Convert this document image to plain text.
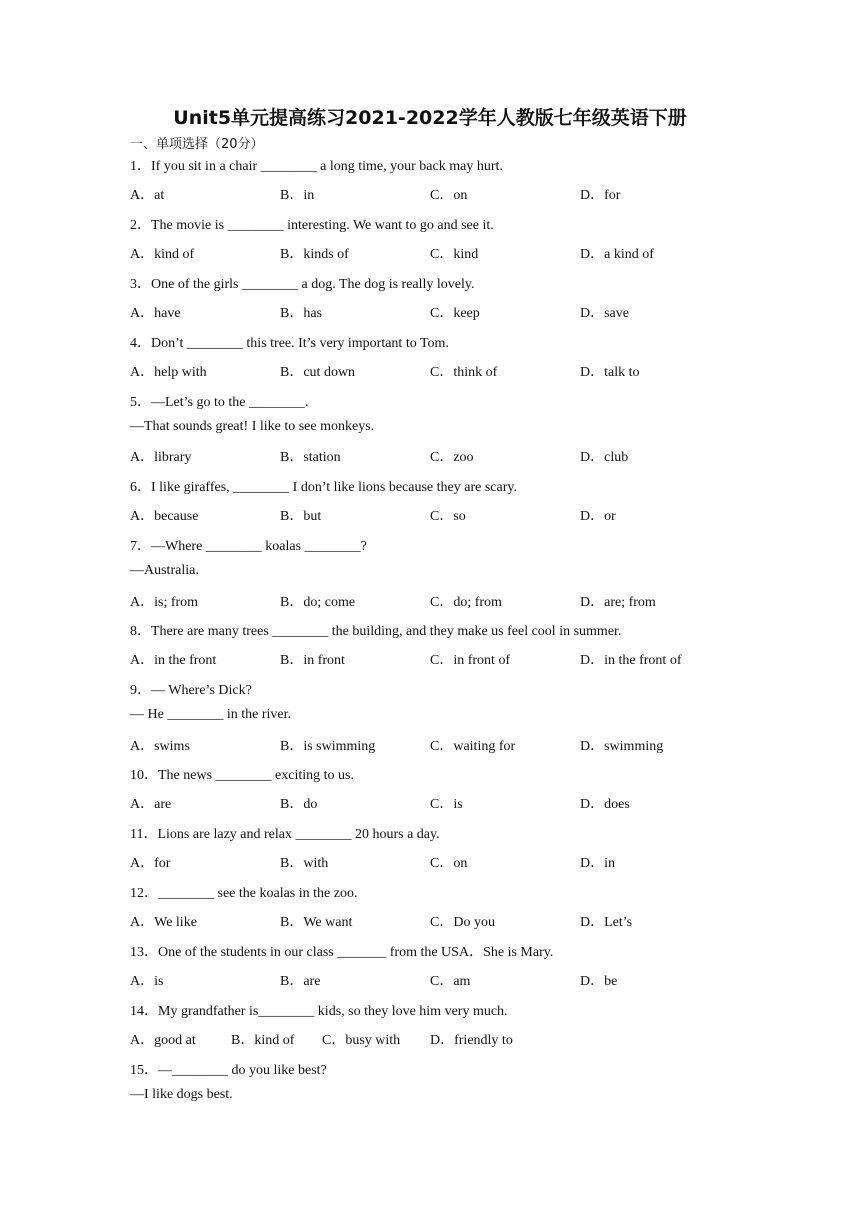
Unit5单元提高练习2021-2022学年人教版七年级英语下册
一、单项选择（20分）
1．If you sit in a chair ________ a long time, your back may hurt.
A．at	B．in	C．on	D．for
2．The movie is ________ interesting. We want to go and see it.
A．kind of	B．kinds of	C．kind	D．a kind of
3．One of the girls ________ a dog. The dog is really lovely.
A．have	B．has	C．keep	D．save
4．Don’t ________ this tree. It’s very important to Tom.
A．help with	B．cut down	C．think of	D．talk to
5．—Let’s go to the ________.
—That sounds great! I like to see monkeys.
A．library	B．station	C．zoo	D．club
6．I like giraffes, ________ I don’t like lions because they are scary.
A．because	B．but	C．so	D．or
7．—Where ________ koalas ________?
—Australia.
A．is; from	B．do; come	C．do; from	D．are; from
8．There are many trees ________ the building, and they make us feel cool in summer.
A．in the front	B．in front	C．in front of	D．in the front of
9．— Where’s Dick?
— He ________ in the river.
A．swims	B．is swimming	C．waiting for	D．swimming
10．The news ________ exciting to us.
A．are	B．do	C．is	D．does
11．Lions are lazy and relax ________ 20 hours a day.
A．for	B．with	C．on	D．in
12．________ see the koalas in the zoo.
A．We like	B．We want	C．Do you	D．Let’s
13．One of the students in our class _______ from the USA．She is Mary.
A．is	B．are	C．am	D．be
14．My grandfather is________ kids, so they love him very much.
A．good at	B．kind of C．busy with D．friendly to
15．—________ do you like best?
—I like dogs best.
